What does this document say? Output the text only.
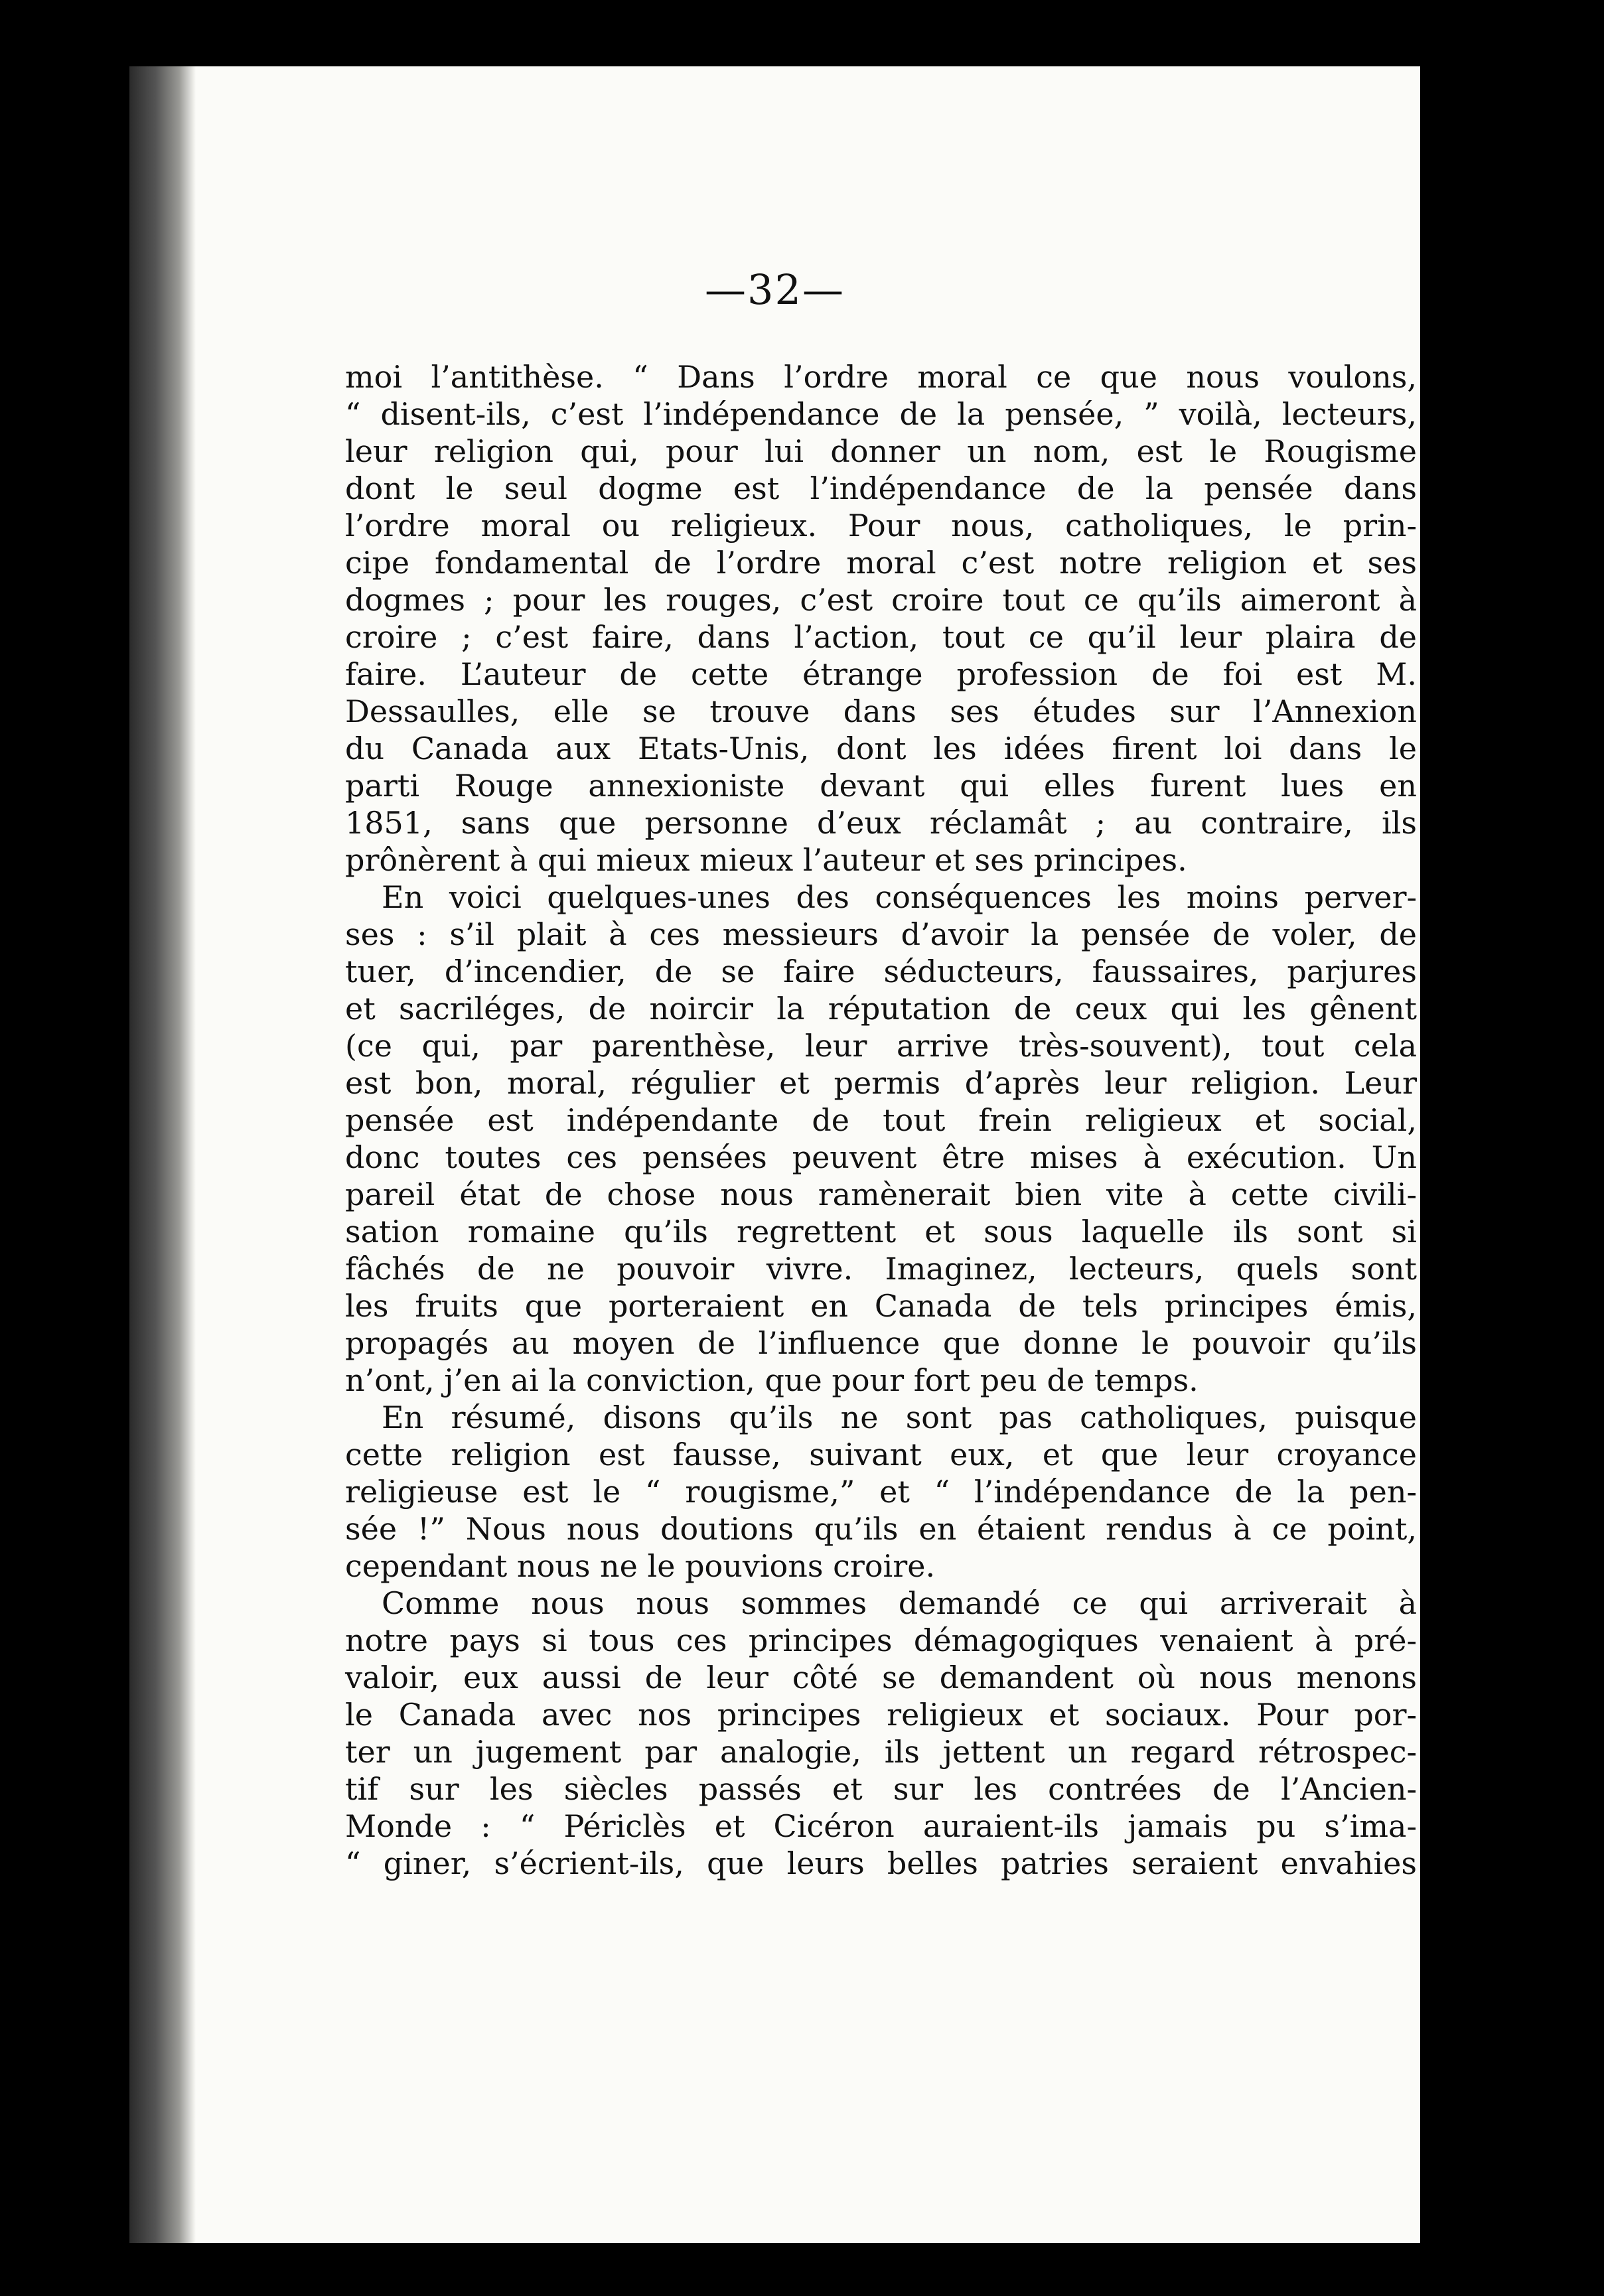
—32—
moi l’antithèse. “ Dans l’ordre moral ce que nous voulons,
“ disent-ils, c’est l’indépendance de la pensée, ” voilà, lecteurs,
leur religion qui, pour lui donner un nom, est le Rougisme
dont le seul dogme est l’indépendance de la pensée dans
l’ordre moral ou religieux. Pour nous, catholiques, le prin-
cipe fondamental de l’ordre moral c’est notre religion et ses
dogmes ; pour les rouges, c’est croire tout ce qu’ils aimeront à
croire ; c’est faire, dans l’action, tout ce qu’il leur plaira de
faire. L’auteur de cette étrange profession de foi est M.
Dessaulles, elle se trouve dans ses études sur l’Annexion
du Canada aux Etats-Unis, dont les idées firent loi dans le
parti Rouge annexioniste devant qui elles furent lues en
1851, sans que personne d’eux réclamât ; au contraire, ils
prônèrent à qui mieux mieux l’auteur et ses principes.
En voici quelques-unes des conséquences les moins perver-
ses : s’il plait à ces messieurs d’avoir la pensée de voler, de
tuer, d’incendier, de se faire séducteurs, faussaires, parjures
et sacriléges, de noircir la réputation de ceux qui les gênent
(ce qui, par parenthèse, leur arrive très-souvent), tout cela
est bon, moral, régulier et permis d’après leur religion. Leur
pensée est indépendante de tout frein religieux et social,
donc toutes ces pensées peuvent être mises à exécution. Un
pareil état de chose nous ramènerait bien vite à cette civili-
sation romaine qu’ils regrettent et sous laquelle ils sont si
fâchés de ne pouvoir vivre. Imaginez, lecteurs, quels sont
les fruits que porteraient en Canada de tels principes émis,
propagés au moyen de l’influence que donne le pouvoir qu’ils
n’ont, j’en ai la conviction, que pour fort peu de temps.
En résumé, disons qu’ils ne sont pas catholiques, puisque
cette religion est fausse, suivant eux, et que leur croyance
religieuse est le “ rougisme,” et “ l’indépendance de la pen-
sée !” Nous nous doutions qu’ils en étaient rendus à ce point,
cependant nous ne le pouvions croire.
Comme nous nous sommes demandé ce qui arriverait à
notre pays si tous ces principes démagogiques venaient à pré-
valoir, eux aussi de leur côté se demandent où nous menons
le Canada avec nos principes religieux et sociaux. Pour por-
ter un jugement par analogie, ils jettent un regard rétrospec-
tif sur les siècles passés et sur les contrées de l’Ancien-
Monde : “ Périclès et Cicéron auraient-ils jamais pu s’ima-
“ giner, s’écrient-ils, que leurs belles patries seraient envahies
